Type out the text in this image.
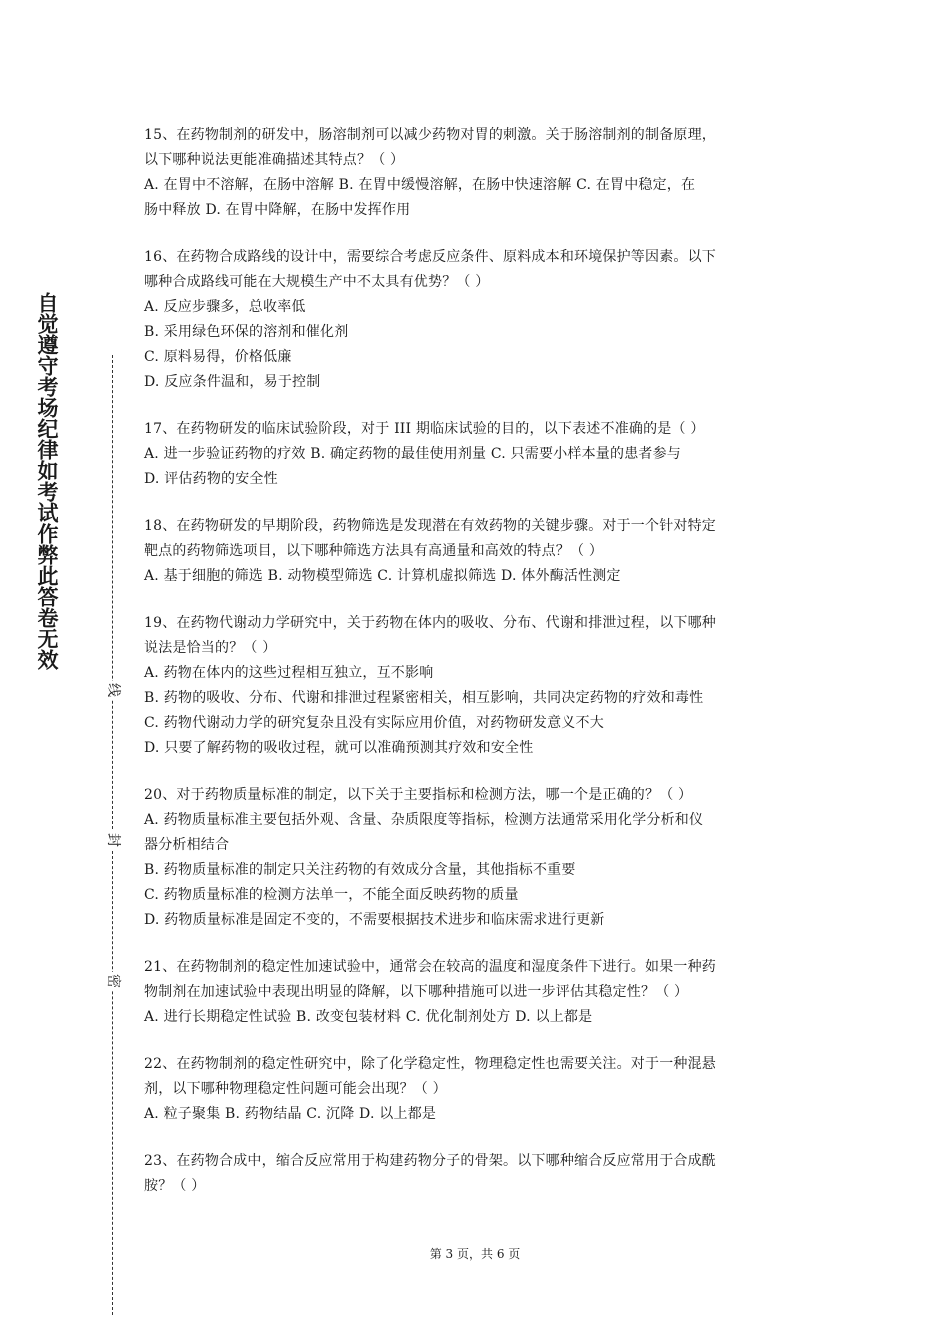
自觉遵守考场纪律如考试作弊此答卷无效
线
封
密

15、在药物制剂的研发中，肠溶制剂可以减少药物对胃的刺激。关于肠溶制剂的制备原理，

以下哪种说法更能准确描述其特点？（ ）

A. 在胃中不溶解，在肠中溶解 B. 在胃中缓慢溶解，在肠中快速溶解 C. 在胃中稳定，在

肠中释放 D. 在胃中降解，在肠中发挥作用

16、在药物合成路线的设计中，需要综合考虑反应条件、原料成本和环境保护等因素。以下

哪种合成路线可能在大规模生产中不太具有优势？（ ）

A. 反应步骤多，总收率低

B. 采用绿色环保的溶剂和催化剂

C. 原料易得，价格低廉

D. 反应条件温和，易于控制

17、在药物研发的临床试验阶段，对于 III 期临床试验的目的，以下表述不准确的是（ ）

A. 进一步验证药物的疗效 B. 确定药物的最佳使用剂量 C. 只需要小样本量的患者参与

D. 评估药物的安全性

18、在药物研发的早期阶段，药物筛选是发现潜在有效药物的关键步骤。对于一个针对特定

靶点的药物筛选项目，以下哪种筛选方法具有高通量和高效的特点？（ ）

A. 基于细胞的筛选 B. 动物模型筛选 C. 计算机虚拟筛选 D. 体外酶活性测定

19、在药物代谢动力学研究中，关于药物在体内的吸收、分布、代谢和排泄过程，以下哪种

说法是恰当的？（ ）

A. 药物在体内的这些过程相互独立，互不影响

B. 药物的吸收、分布、代谢和排泄过程紧密相关，相互影响，共同决定药物的疗效和毒性

C. 药物代谢动力学的研究复杂且没有实际应用价值，对药物研发意义不大

D. 只要了解药物的吸收过程，就可以准确预测其疗效和安全性

20、对于药物质量标准的制定，以下关于主要指标和检测方法，哪一个是正确的？（ ）

A. 药物质量标准主要包括外观、含量、杂质限度等指标，检测方法通常采用化学分析和仪

器分析相结合

B. 药物质量标准的制定只关注药物的有效成分含量，其他指标不重要

C. 药物质量标准的检测方法单一，不能全面反映药物的质量

D. 药物质量标准是固定不变的，不需要根据技术进步和临床需求进行更新

21、在药物制剂的稳定性加速试验中，通常会在较高的温度和湿度条件下进行。如果一种药

物制剂在加速试验中表现出明显的降解，以下哪种措施可以进一步评估其稳定性？（ ）

A. 进行长期稳定性试验 B. 改变包装材料 C. 优化制剂处方 D. 以上都是

22、在药物制剂的稳定性研究中，除了化学稳定性，物理稳定性也需要关注。对于一种混悬

剂，以下哪种物理稳定性问题可能会出现？（ ）

A. 粒子聚集 B. 药物结晶 C. 沉降 D. 以上都是

23、在药物合成中，缩合反应常用于构建药物分子的骨架。以下哪种缩合反应常用于合成酰

胺？（ ）

第 3 页，共 6 页
